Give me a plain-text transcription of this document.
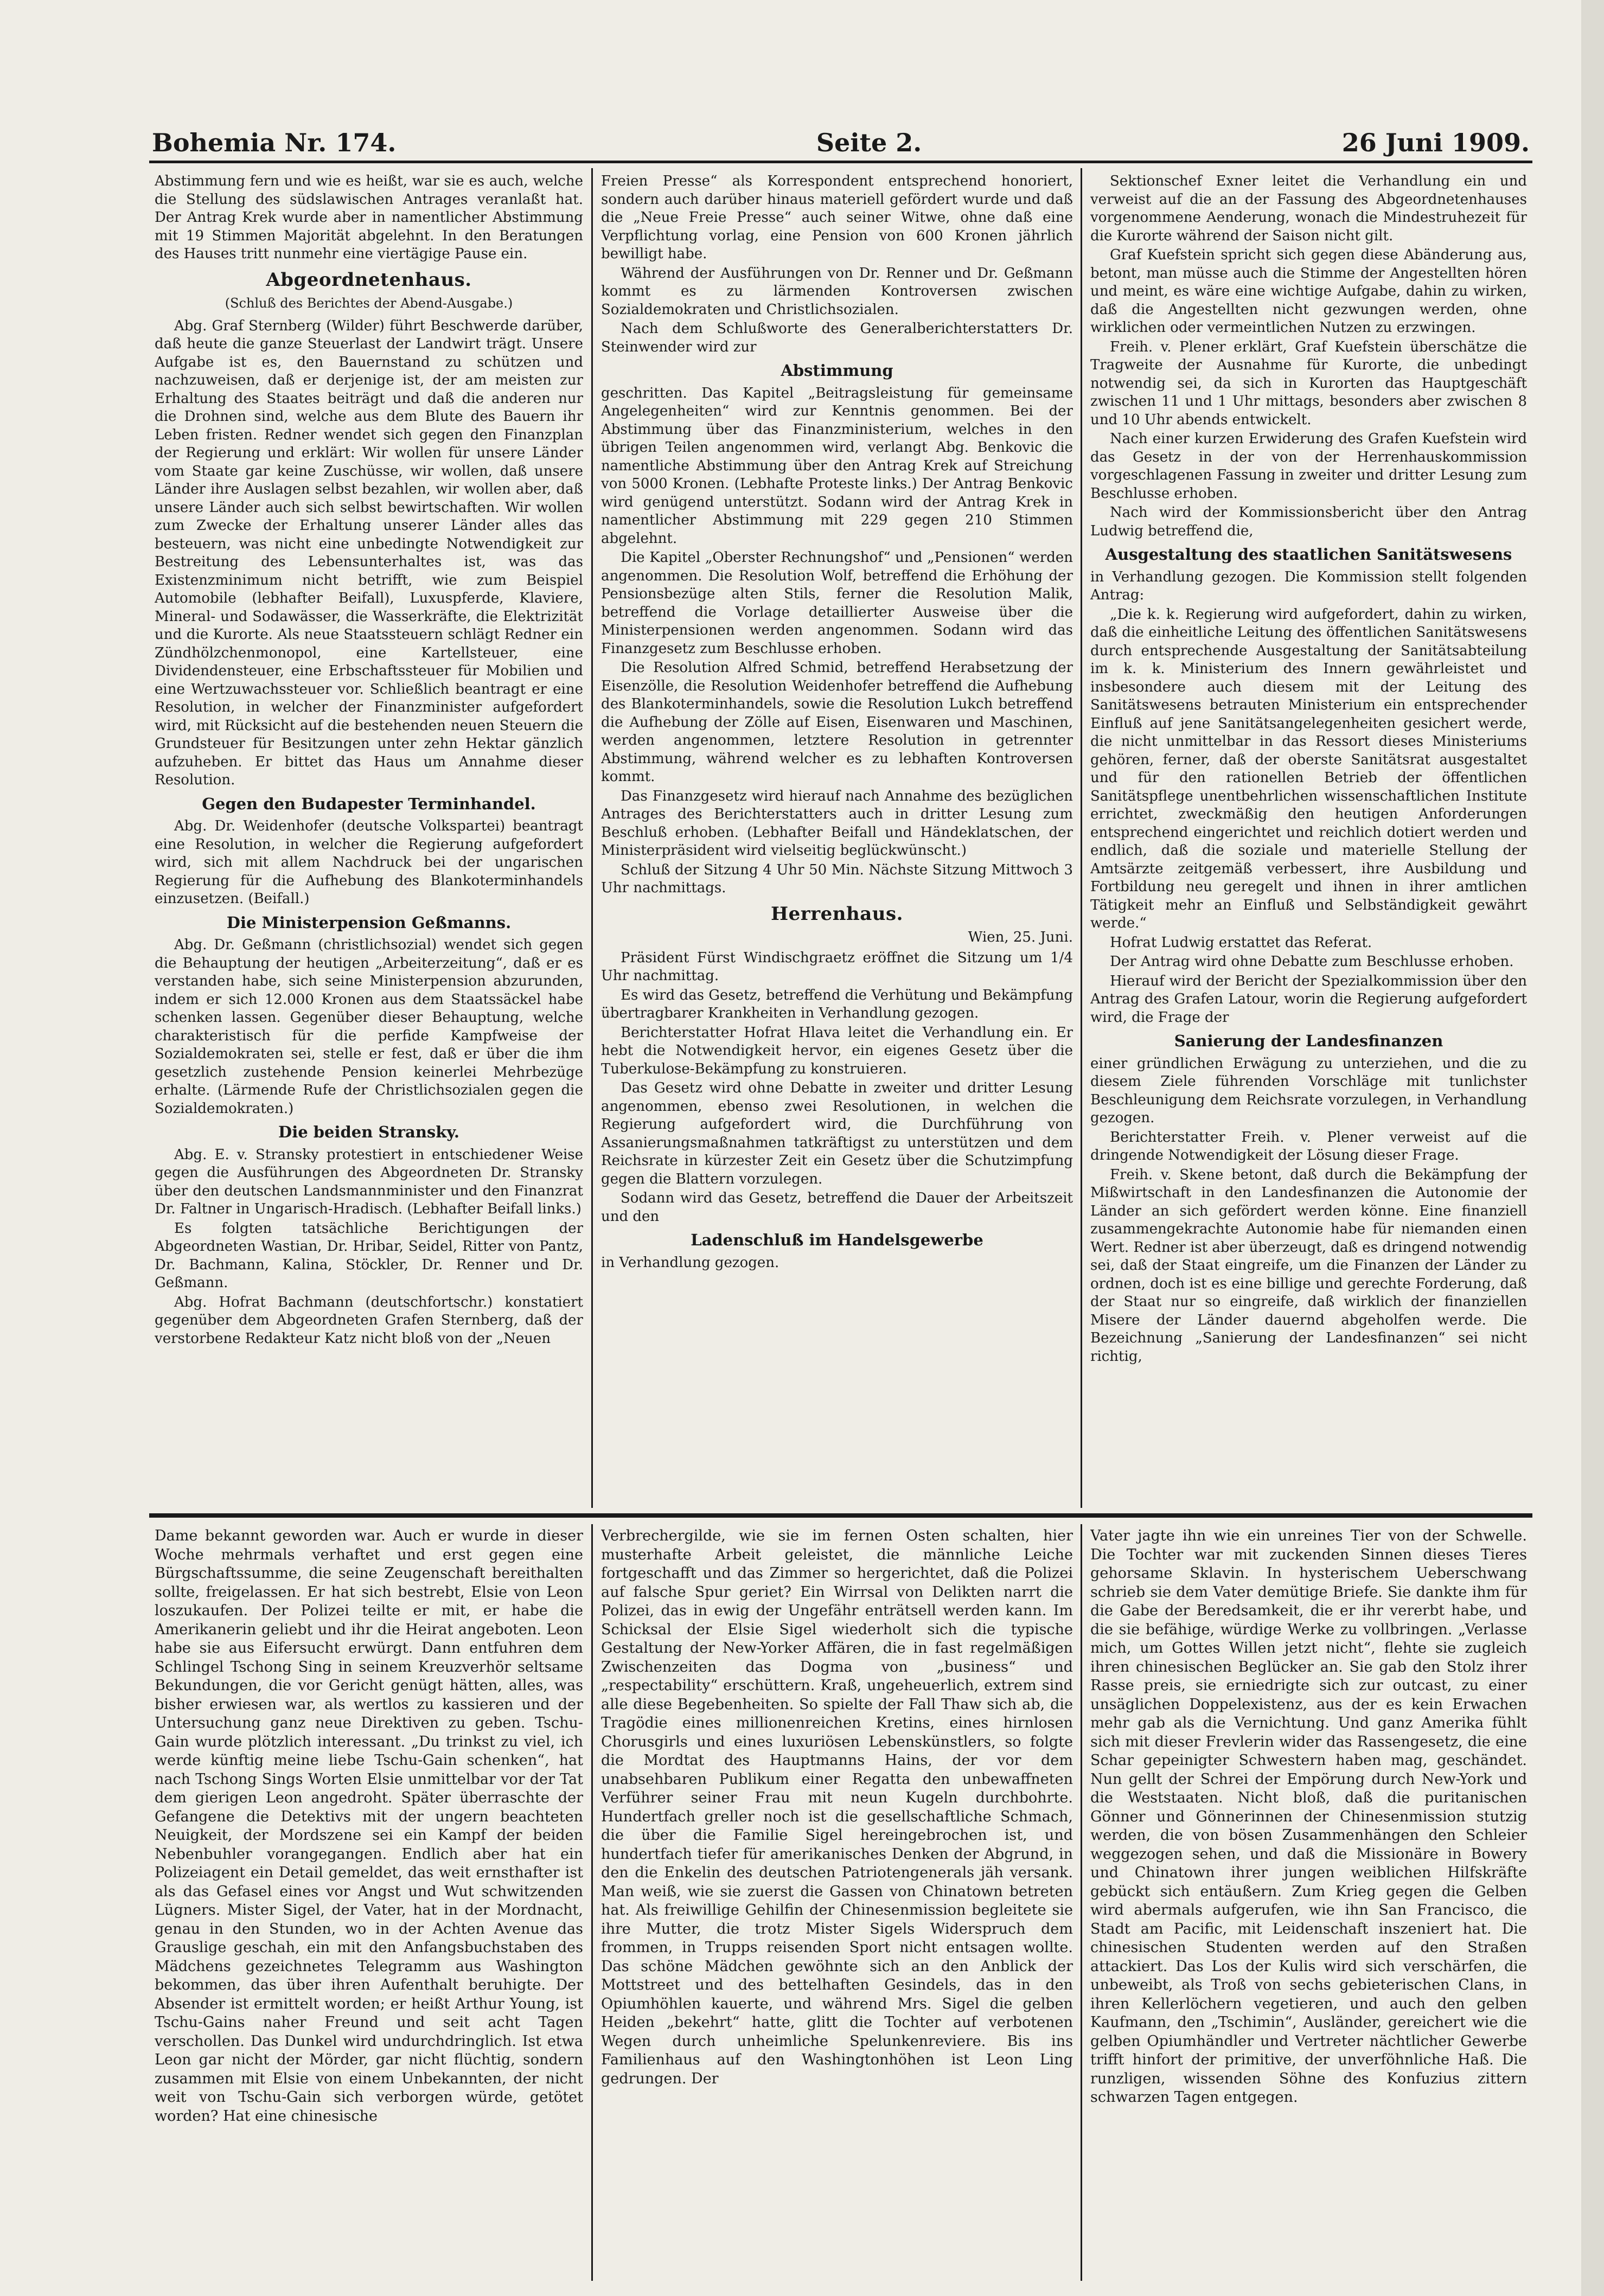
Bohemia Nr. 174.	Seite 2.	26 Juni 1909.

Abstimmung fern und wie es heißt, war sie es auch, welche die Stellung des südslawischen Antrages veranlaßt hat. Der Antrag Krek wurde aber in namentlicher Abstimmung mit 19 Stimmen Majorität abgelehnt. In den Beratungen des Hauses tritt nunmehr eine viertägige Pause ein.

Abgeordnetenhaus.

(Schluß des Berichtes der Abend-Ausgabe.)

Abg. Graf Sternberg (Wilder) führt Beschwerde darüber, daß heute die ganze Steuerlast der Landwirt trägt. Unsere Aufgabe ist es, den Bauernstand zu schützen und nachzuweisen, daß er derjenige ist, der am meisten zur Erhaltung des Staates beiträgt und daß die anderen nur die Drohnen sind, welche aus dem Blute des Bauern ihr Leben fristen. Redner wendet sich gegen den Finanzplan der Regierung und erklärt: Wir wollen für unsere Länder vom Staate gar keine Zuschüsse, wir wollen, daß unsere Länder ihre Auslagen selbst bezahlen, wir wollen aber, daß unsere Länder auch sich selbst bewirtschaften. Wir wollen zum Zwecke der Erhaltung unserer Länder alles das besteuern, was nicht eine unbedingte Notwendigkeit zur Bestreitung des Lebensunterhaltes ist, was das Existenzminimum nicht betrifft, wie zum Beispiel Automobile (lebhafter Beifall), Luxuspferde, Klaviere, Mineral- und Sodawässer, die Wasserkräfte, die Elektrizität und die Kurorte. Als neue Staatssteuern schlägt Redner ein Zündhölzchenmonopol, eine Kartellsteuer, eine Dividendensteuer, eine Erbschaftssteuer für Mobilien und eine Wertzuwachssteuer vor. Schließlich beantragt er eine Resolution, in welcher der Finanzminister aufgefordert wird, mit Rücksicht auf die bestehenden neuen Steuern die Grundsteuer für Besitzungen unter zehn Hektar gänzlich aufzuheben. Er bittet das Haus um Annahme dieser Resolution.

Gegen den Budapester Terminhandel.

Abg. Dr. Weidenhofer (deutsche Volkspartei) beantragt eine Resolution, in welcher die Regierung aufgefordert wird, sich mit allem Nachdruck bei der ungarischen Regierung für die Aufhebung des Blankoterminhandels einzusetzen. (Beifall.)

Die Ministerpension Geßmanns.

Abg. Dr. Geßmann (christlichsozial) wendet sich gegen die Behauptung der heutigen „Arbeiterzeitung“, daß er es verstanden habe, sich seine Ministerpension abzurunden, indem er sich 12.000 Kronen aus dem Staatssäckel habe schenken lassen. Gegenüber dieser Behauptung, welche charakteristisch für die perfide Kampfweise der Sozialdemokraten sei, stelle er fest, daß er über die ihm gesetzlich zustehende Pension keinerlei Mehrbezüge erhalte. (Lärmende Rufe der Christlichsozialen gegen die Sozialdemokraten.)

Die beiden Stransky.

Abg. E. v. Stransky protestiert in entschiedener Weise gegen die Ausführungen des Abgeordneten Dr. Stransky über den deutschen Landsmannminister und den Finanzrat Dr. Faltner in Ungarisch-Hradisch. (Lebhafter Beifall links.)

Es folgten tatsächliche Berichtigungen der Abgeordneten Wastian, Dr. Hribar, Seidel, Ritter von Pantz, Dr. Bachmann, Kalina, Stöckler, Dr. Renner und Dr. Geßmann.

Abg. Hofrat Bachmann (deutschfortschr.) konstatiert gegenüber dem Abgeordneten Grafen Sternberg, daß der verstorbene Redakteur Katz nicht bloß von der „Neuen

Freien Presse“ als Korrespondent entsprechend honoriert, sondern auch darüber hinaus materiell gefördert wurde und daß die „Neue Freie Presse“ auch seiner Witwe, ohne daß eine Verpflichtung vorlag, eine Pension von 600 Kronen jährlich bewilligt habe.

Während der Ausführungen von Dr. Renner und Dr. Geßmann kommt es zu lärmenden Kontroversen zwischen Sozialdemokraten und Christlichsozialen.

Nach dem Schlußworte des Generalberichterstatters Dr. Steinwender wird zur

Abstimmung

geschritten. Das Kapitel „Beitragsleistung für gemeinsame Angelegenheiten“ wird zur Kenntnis genommen. Bei der Abstimmung über das Finanzministerium, welches in den übrigen Teilen angenommen wird, verlangt Abg. Benkovic die namentliche Abstimmung über den Antrag Krek auf Streichung von 5000 Kronen. (Lebhafte Proteste links.) Der Antrag Benkovic wird genügend unterstützt. Sodann wird der Antrag Krek in namentlicher Abstimmung mit 229 gegen 210 Stimmen abgelehnt.

Die Kapitel „Oberster Rechnungshof“ und „Pensionen“ werden angenommen. Die Resolution Wolf, betreffend die Erhöhung der Pensionsbezüge alten Stils, ferner die Resolution Malik, betreffend die Vorlage detaillierter Ausweise über die Ministerpensionen werden angenommen. Sodann wird das Finanzgesetz zum Beschlusse erhoben.

Die Resolution Alfred Schmid, betreffend Herabsetzung der Eisenzölle, die Resolution Weidenhofer betreffend die Aufhebung des Blankoterminhandels, sowie die Resolution Lukch betreffend die Aufhebung der Zölle auf Eisen, Eisenwaren und Maschinen, werden angenommen, letztere Resolution in getrennter Abstimmung, während welcher es zu lebhaften Kontroversen kommt.

Das Finanzgesetz wird hierauf nach Annahme des bezüglichen Antrages des Berichterstatters auch in dritter Lesung zum Beschluß erhoben. (Lebhafter Beifall und Händeklatschen, der Ministerpräsident wird vielseitig beglückwünscht.)

Schluß der Sitzung 4 Uhr 50 Min. Nächste Sitzung Mittwoch 3 Uhr nachmittags.

Herrenhaus.

Wien, 25. Juni.

Präsident Fürst Windischgraetz eröffnet die Sitzung um 1/4 Uhr nachmittag.

Es wird das Gesetz, betreffend die Verhütung und Bekämpfung übertragbarer Krankheiten in Verhandlung gezogen.

Berichterstatter Hofrat Hlava leitet die Verhandlung ein. Er hebt die Notwendigkeit hervor, ein eigenes Gesetz über die Tuberkulose-Bekämpfung zu konstruieren.

Das Gesetz wird ohne Debatte in zweiter und dritter Lesung angenommen, ebenso zwei Resolutionen, in welchen die Regierung aufgefordert wird, die Durchführung von Assanierungsmaßnahmen tatkräftigst zu unterstützen und dem Reichsrate in kürzester Zeit ein Gesetz über die Schutzimpfung gegen die Blattern vorzulegen.

Sodann wird das Gesetz, betreffend die Dauer der Arbeitszeit und den

Ladenschluß im Handelsgewerbe

in Verhandlung gezogen.

Sektionschef Exner leitet die Verhandlung ein und verweist auf die an der Fassung des Abgeordnetenhauses vorgenommene Aenderung, wonach die Mindestruhezeit für die Kurorte während der Saison nicht gilt.

Graf Kuefstein spricht sich gegen diese Abänderung aus, betont, man müsse auch die Stimme der Angestellten hören und meint, es wäre eine wichtige Aufgabe, dahin zu wirken, daß die Angestellten nicht gezwungen werden, ohne wirklichen oder vermeintlichen Nutzen zu erzwingen.

Freih. v. Plener erklärt, Graf Kuefstein überschätze die Tragweite der Ausnahme für Kurorte, die unbedingt notwendig sei, da sich in Kurorten das Hauptgeschäft zwischen 11 und 1 Uhr mittags, besonders aber zwischen 8 und 10 Uhr abends entwickelt.

Nach einer kurzen Erwiderung des Grafen Kuefstein wird das Gesetz in der von der Herrenhauskommission vorgeschlagenen Fassung in zweiter und dritter Lesung zum Beschlusse erhoben.

Nach wird der Kommissionsbericht über den Antrag Ludwig betreffend die,

Ausgestaltung des staatlichen Sanitätswesens

in Verhandlung gezogen. Die Kommission stellt folgenden Antrag:

„Die k. k. Regierung wird aufgefordert, dahin zu wirken, daß die einheitliche Leitung des öffentlichen Sanitätswesens durch entsprechende Ausgestaltung der Sanitätsabteilung im k. k. Ministerium des Innern gewährleistet und insbesondere auch diesem mit der Leitung des Sanitätswesens betrauten Ministerium ein entsprechender Einfluß auf jene Sanitätsangelegenheiten gesichert werde, die nicht unmittelbar in das Ressort dieses Ministeriums gehören, ferner, daß der oberste Sanitätsrat ausgestaltet und für den rationellen Betrieb der öffentlichen Sanitätspflege unentbehrlichen wissenschaftlichen Institute errichtet, zweckmäßig den heutigen Anforderungen entsprechend eingerichtet und reichlich dotiert werden und endlich, daß die soziale und materielle Stellung der Amtsärzte zeitgemäß verbessert, ihre Ausbildung und Fortbildung neu geregelt und ihnen in ihrer amtlichen Tätigkeit mehr an Einfluß und Selbständigkeit gewährt werde.“

Hofrat Ludwig erstattet das Referat.

Der Antrag wird ohne Debatte zum Beschlusse erhoben.

Hierauf wird der Bericht der Spezialkommission über den Antrag des Grafen Latour, worin die Regierung aufgefordert wird, die Frage der

Sanierung der Landesfinanzen

einer gründlichen Erwägung zu unterziehen, und die zu diesem Ziele führenden Vorschläge mit tunlichster Beschleunigung dem Reichsrate vorzulegen, in Verhandlung gezogen.

Berichterstatter Freih. v. Plener verweist auf die dringende Notwendigkeit der Lösung dieser Frage.

Freih. v. Skene betont, daß durch die Bekämpfung der Mißwirtschaft in den Landesfinanzen die Autonomie der Länder an sich gefördert werden könne. Eine finanziell zusammengekrachte Autonomie habe für niemanden einen Wert. Redner ist aber überzeugt, daß es dringend notwendig sei, daß der Staat eingreife, um die Finanzen der Länder zu ordnen, doch ist es eine billige und gerechte Forderung, daß der Staat nur so eingreife, daß wirklich der finanziellen Misere der Länder dauernd abgeholfen werde. Die Bezeichnung „Sanierung der Landesfinanzen“ sei nicht richtig,

Dame bekannt geworden war. Auch er wurde in dieser Woche mehrmals verhaftet und erst gegen eine Bürgschaftssumme, die seine Zeugenschaft bereithalten sollte, freigelassen. Er hat sich bestrebt, Elsie von Leon loszukaufen. Der Polizei teilte er mit, er habe die Amerikanerin geliebt und ihr die Heirat angeboten. Leon habe sie aus Eifersucht erwürgt. Dann entfuhren dem Schlingel Tschong Sing in seinem Kreuzverhör seltsame Bekundungen, die vor Gericht genügt hätten, alles, was bisher erwiesen war, als wertlos zu kassieren und der Untersuchung ganz neue Direktiven zu geben. Tschu-Gain wurde plötzlich interessant. „Du trinkst zu viel, ich werde künftig meine liebe Tschu-Gain schenken“, hat nach Tschong Sings Worten Elsie unmittelbar vor der Tat dem gierigen Leon angedroht. Später überraschte der Gefangene die Detektivs mit der ungern beachteten Neuigkeit, der Mordszene sei ein Kampf der beiden Nebenbuhler vorangegangen. Endlich aber hat ein Polizeiagent ein Detail gemeldet, das weit ernsthafter ist als das Gefasel eines vor Angst und Wut schwitzenden Lügners. Mister Sigel, der Vater, hat in der Mordnacht, genau in den Stunden, wo in der Achten Avenue das Grauslige geschah, ein mit den Anfangsbuchstaben des Mädchens gezeichnetes Telegramm aus Washington bekommen, das über ihren Aufenthalt beruhigte. Der Absender ist ermittelt worden; er heißt Arthur Young, ist Tschu-Gains naher Freund und seit acht Tagen verschollen. Das Dunkel wird undurchdringlich. Ist etwa Leon gar nicht der Mörder, gar nicht flüchtig, sondern zusammen mit Elsie von einem Unbekannten, der nicht weit von Tschu-Gain sich verborgen würde, getötet worden? Hat eine chinesische

Verbrechergilde, wie sie im fernen Osten schalten, hier musterhafte Arbeit geleistet, die männliche Leiche fortgeschafft und das Zimmer so hergerichtet, daß die Polizei auf falsche Spur geriet? Ein Wirrsal von Delikten narrt die Polizei, das in ewig der Ungefähr enträtsell werden kann. Im Schicksal der Elsie Sigel wiederholt sich die typische Gestaltung der New-Yorker Affären, die in fast regelmäßigen Zwischenzeiten das Dogma von „business“ und „respectability“ erschüttern. Kraß, ungeheuerlich, extrem sind alle diese Begebenheiten. So spielte der Fall Thaw sich ab, die Tragödie eines millionenreichen Kretins, eines hirnlosen Chorusgirls und eines luxuriösen Lebenskünstlers, so folgte die Mordtat des Hauptmanns Hains, der vor dem unabsehbaren Publikum einer Regatta den unbewaffneten Verführer seiner Frau mit neun Kugeln durchbohrte. Hundertfach greller noch ist die gesellschaftliche Schmach, die über die Familie Sigel hereingebrochen ist, und hundertfach tiefer für amerikanisches Denken der Abgrund, in den die Enkelin des deutschen Patriotengenerals jäh versank. Man weiß, wie sie zuerst die Gassen von Chinatown betreten hat. Als freiwillige Gehilfin der Chinesenmission begleitete sie ihre Mutter, die trotz Mister Sigels Widerspruch dem frommen, in Trupps reisenden Sport nicht entsagen wollte. Das schöne Mädchen gewöhnte sich an den Anblick der Mottstreet und des bettelhaften Gesindels, das in den Opiumhöhlen kauerte, und während Mrs. Sigel die gelben Heiden „bekehrt“ hatte, glitt die Tochter auf verbotenen Wegen durch unheimliche Spelunkenreviere. Bis ins Familienhaus auf den Washingtonhöhen ist Leon Ling gedrungen. Der

Vater jagte ihn wie ein unreines Tier von der Schwelle. Die Tochter war mit zuckenden Sinnen dieses Tieres gehorsame Sklavin. In hysterischem Ueberschwang schrieb sie dem Vater demütige Briefe. Sie dankte ihm für die Gabe der Beredsamkeit, die er ihr vererbt habe, und die sie befähige, würdige Werke zu vollbringen. „Verlasse mich, um Gottes Willen jetzt nicht“, flehte sie zugleich ihren chinesischen Beglücker an. Sie gab den Stolz ihrer Rasse preis, sie erniedrigte sich zur outcast, zu einer unsäglichen Doppelexistenz, aus der es kein Erwachen mehr gab als die Vernichtung. Und ganz Amerika fühlt sich mit dieser Frevlerin wider das Rassengesetz, die eine Schar gepeinigter Schwestern haben mag, geschändet. Nun gellt der Schrei der Empörung durch New-York und die Weststaaten. Nicht bloß, daß die puritanischen Gönner und Gönnerinnen der Chinesenmission stutzig werden, die von bösen Zusammenhängen den Schleier weggezogen sehen, und daß die Missionäre in Bowery und Chinatown ihrer jungen weiblichen Hilfskräfte gebückt sich entäußern. Zum Krieg gegen die Gelben wird abermals aufgerufen, wie ihn San Francisco, die Stadt am Pacific, mit Leidenschaft inszeniert hat. Die chinesischen Studenten werden auf den Straßen attackiert. Das Los der Kulis wird sich verschärfen, die unbeweibt, als Troß von sechs gebieterischen Clans, in ihren Kellerlöchern vegetieren, und auch den gelben Kaufmann, den „Tschimin“, Ausländer, gereichert wie die gelben Opiumhändler und Vertreter nächtlicher Gewerbe trifft hinfort der primitive, der unverföhnliche Haß. Die runzligen, wissenden Söhne des Konfuzius zittern schwarzen Tagen entgegen.
